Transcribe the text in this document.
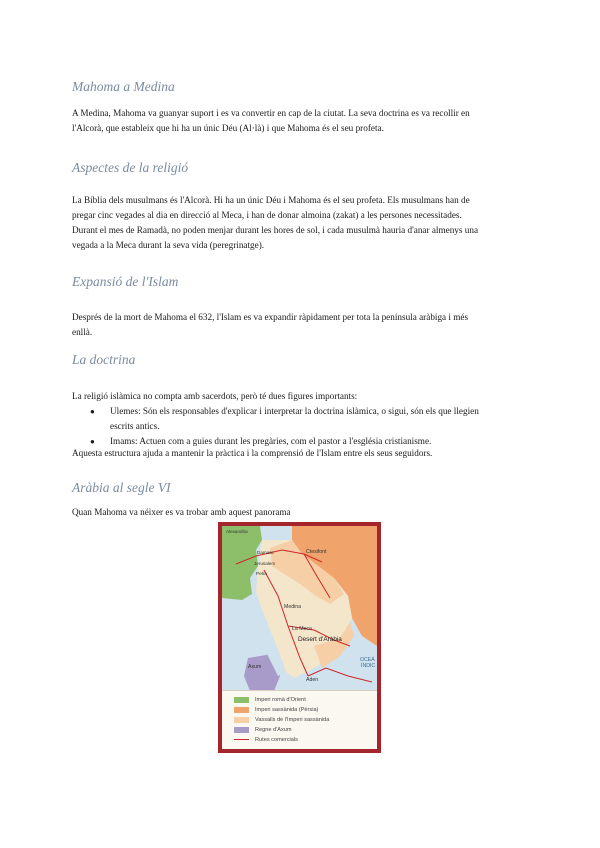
Mahoma a Medina

A Medina, Mahoma va guanyar suport i es va convertir en cap de la ciutat. La seva doctrina es va recollir en
l'Alcorà, que estableix que hi ha un únic Déu (Al·là) i que Mahoma és el seu profeta.

Aspectes de la religió

La Bíblia dels musulmans és l'Alcorà. Hi ha un únic Déu i Mahoma és el seu profeta. Els musulmans han de
pregar cinc vegades al dia en direcció al Meca, i han de donar almoina (zakat) a les persones necessitades.
Durant el mes de Ramadà, no poden menjar durant les hores de sol, i cada musulmà hauria d'anar almenys una
vegada a la Meca durant la seva vida (peregrinatge).

Expansió de l'Islam

Després de la mort de Mahoma el 632, l'Islam es va expandir ràpidament per tota la península aràbiga i més
enllà.

La doctrina

La religió islàmica no compta amb sacerdots, però té dues figures importants:

● Ulemes: Són els responsables d'explicar i interpretar la doctrina islàmica, o sigui, són els que llegien
escrits antics.
● Imams: Actuen com a guies durant les pregàries, com el pastor a l'església cristianisme.

Aquesta estructura ajuda a mantenir la pràctica i la comprensió de l'Islam entre els seus seguidors.

Aràbia al segle VI

Quan Mahoma va néixer es va trobar amb aquest panorama

Alexandria
Damasc
Jerusalem
Petra
Ctesifont
Medina
La Meca
Desert d'Aràbia
Axum
Aden
OCEÀ
ÍNDIC
Imperi romà d'Orient
Imperi sassànida (Pèrsia)
Vassalls de l'Imperi sassànida
Regne d'Axum
Rutes comercials
